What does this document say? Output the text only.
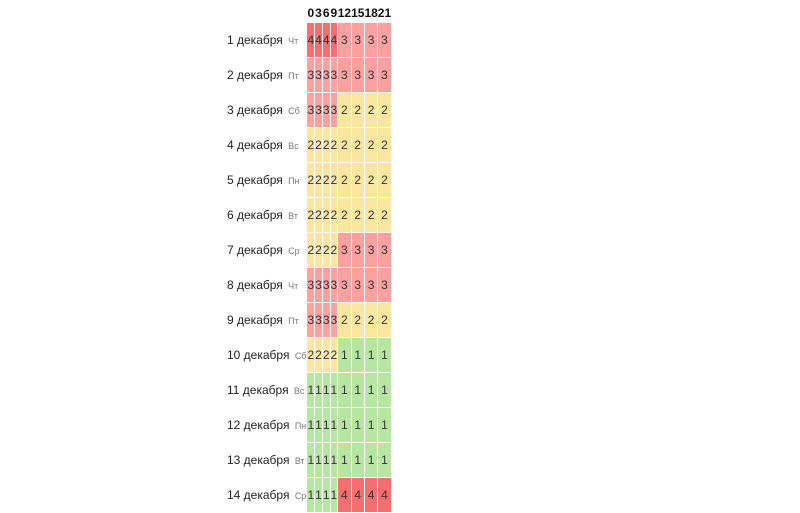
	0	3	6	9	12	15	18	21
1 декабря Чт	4	4	4	4	3	3	3	3
2 декабря Пт	3	3	3	3	3	3	3	3
3 декабря Сб	3	3	3	3	2	2	2	2
4 декабря Вс	2	2	2	2	2	2	2	2
5 декабря Пн	2	2	2	2	2	2	2	2
6 декабря Вт	2	2	2	2	2	2	2	2
7 декабря Ср	2	2	2	2	3	3	3	3
8 декабря Чт	3	3	3	3	3	3	3	3
9 декабря Пт	3	3	3	3	2	2	2	2
10 декабря Сб	2	2	2	2	1	1	1	1
11 декабря Вс	1	1	1	1	1	1	1	1
12 декабря Пн	1	1	1	1	1	1	1	1
13 декабря Вт	1	1	1	1	1	1	1	1
14 декабря Ср	1	1	1	1	4	4	4	4
